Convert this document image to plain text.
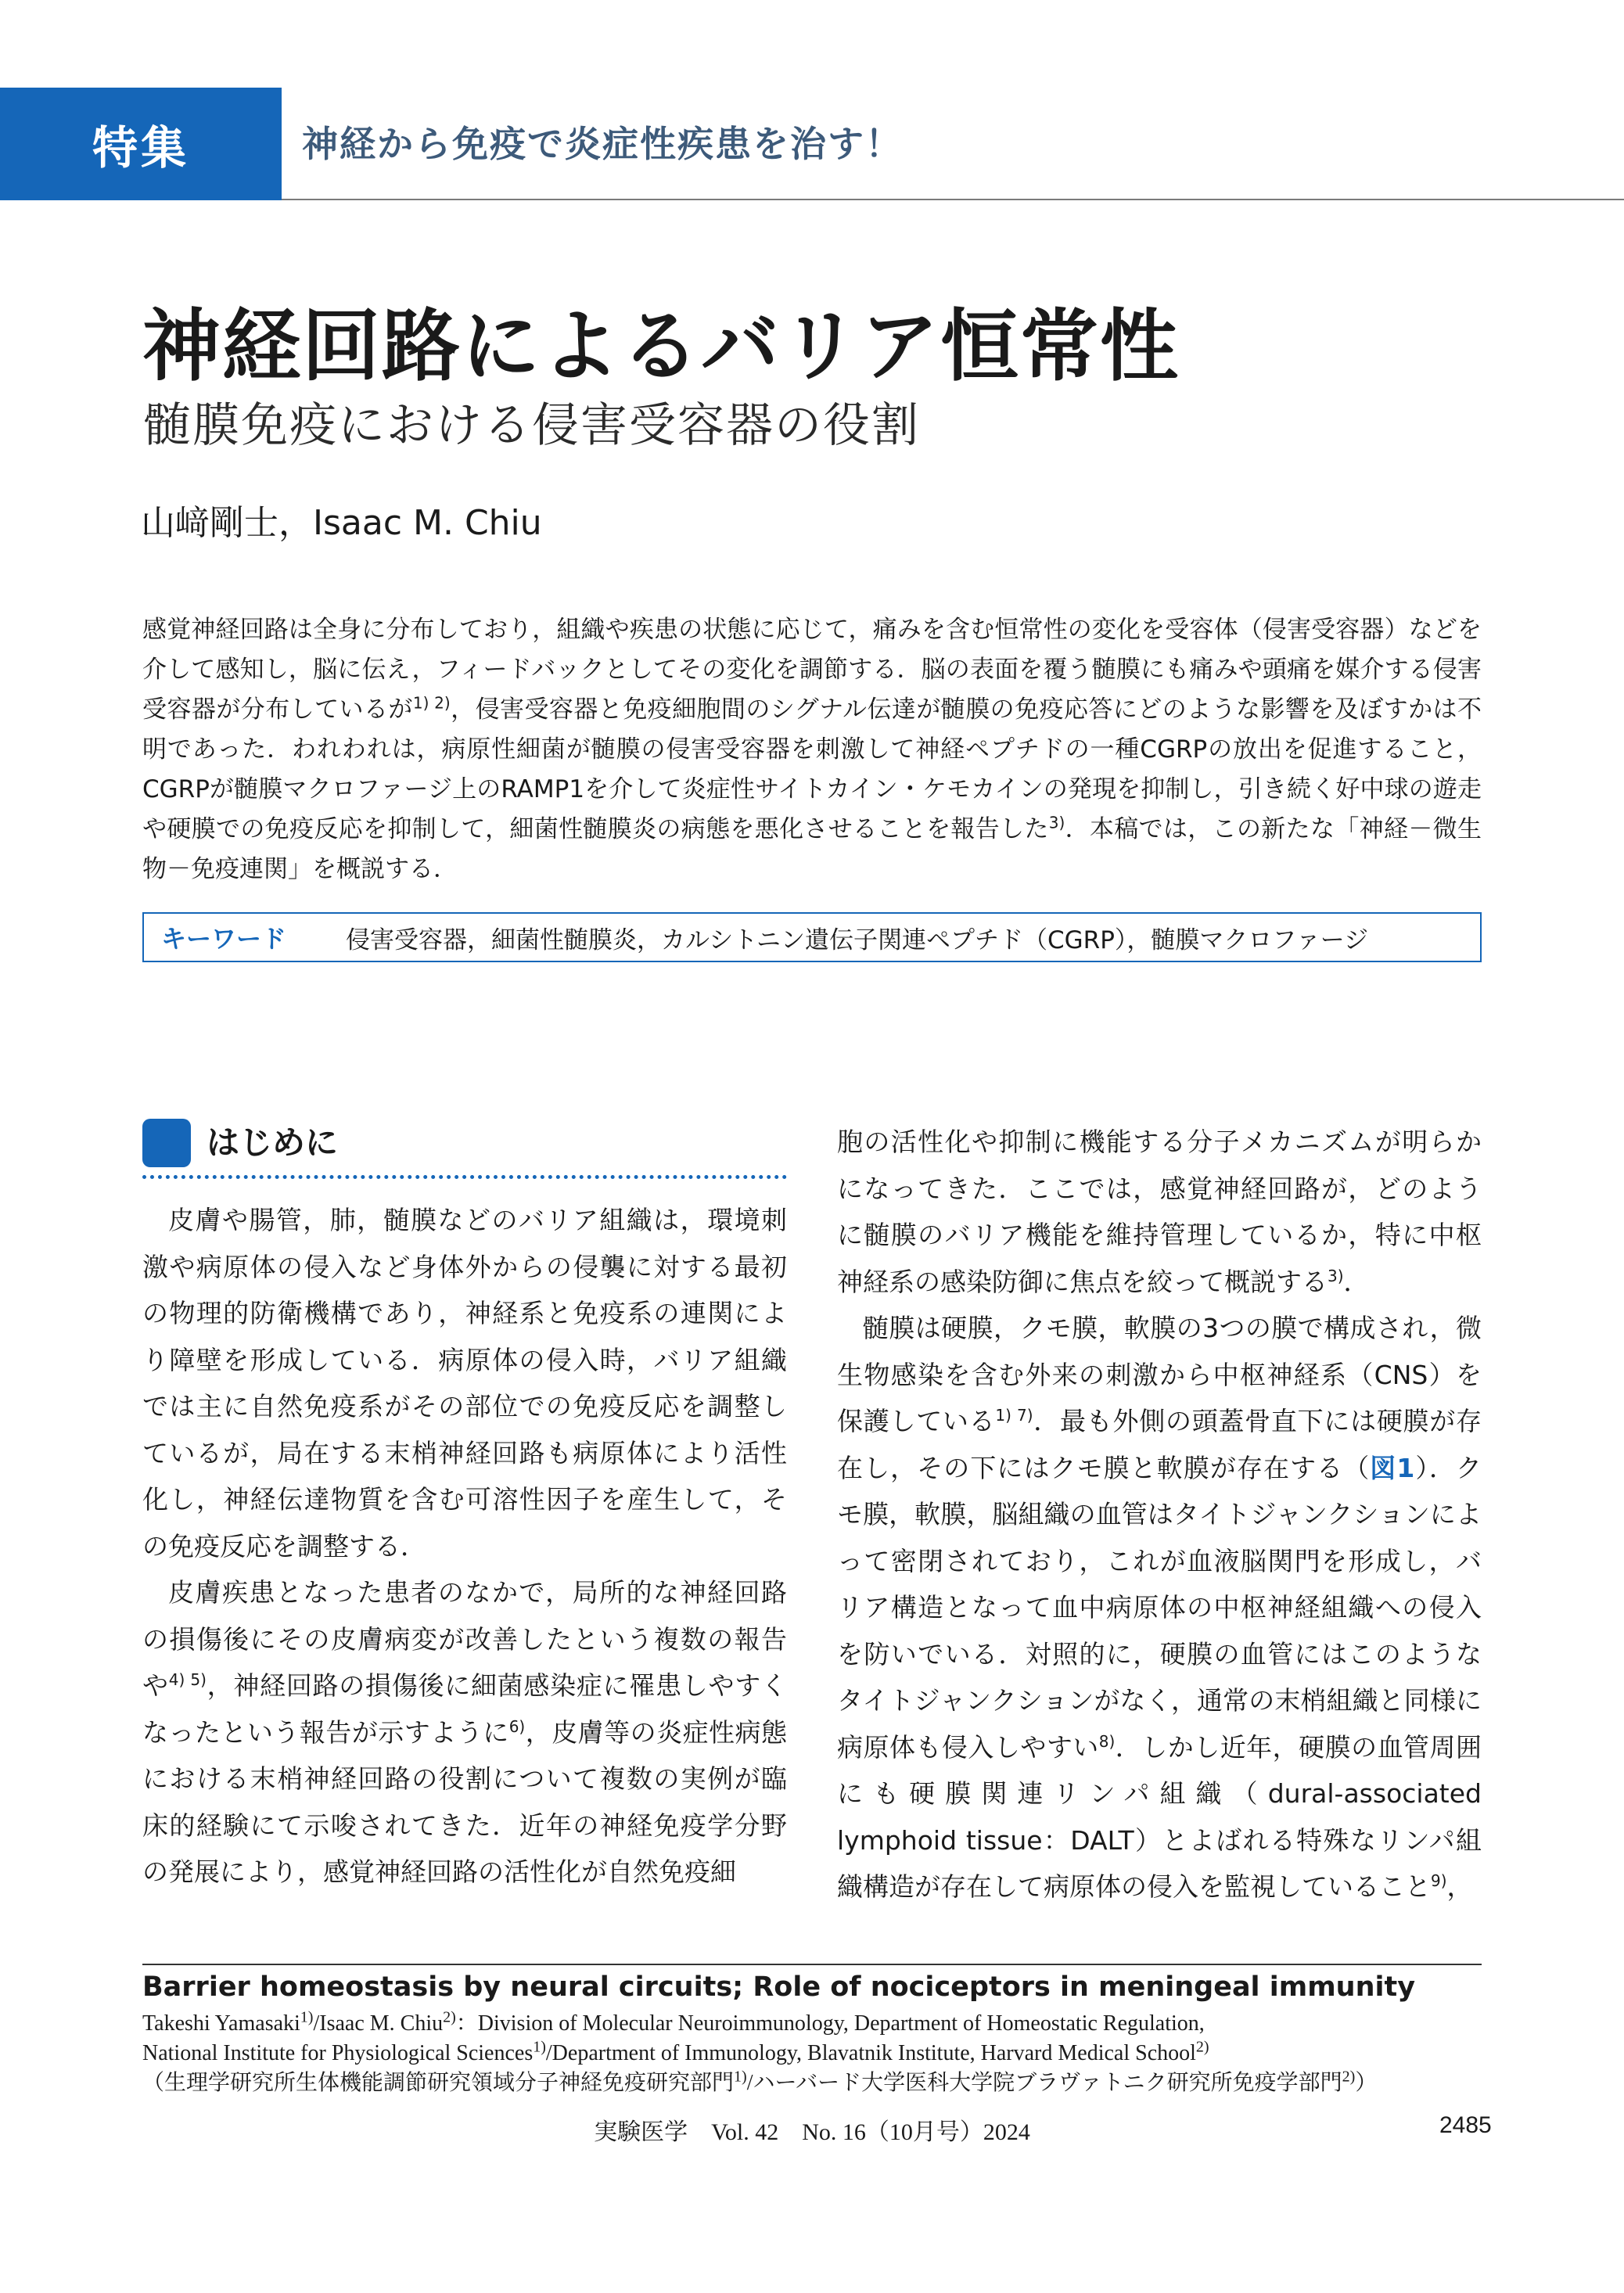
特集	神経から免疫で炎症性疾患を治す！
神経回路によるバリア恒常性
髄膜免疫における侵害受容器の役割
山﨑剛士，Isaac M. Chiu

感覚神経回路は全身に分布しており，組織や疾患の状態に応じて，痛みを含む恒常性の変化を受容体（侵害受容器）などを介して感知し，脳に伝え，フィードバックとしてその変化を調節する．脳の表面を覆う髄膜にも痛みや頭痛を媒介する侵害受容器が分布しているが$^{1) 2)}$，侵害受容器と免疫細胞間のシグナル伝達が髄膜の免疫応答にどのような影響を及ぼすかは不明であった．われわれは，病原性細菌が髄膜の侵害受容器を刺激して神経ペプチドの一種CGRPの放出を促進すること，CGRPが髄膜マクロファージ上のRAMP1を介して炎症性サイトカイン・ケモカインの発現を抑制し，引き続く好中球の遊走や硬膜での免疫反応を抑制して，細菌性髄膜炎の病態を悪化させることを報告した$^{3)}$．本稿では，この新たな「神経－微生物－免疫連関」を概説する．

キーワード	侵害受容器，細菌性髄膜炎，カルシトニン遺伝子関連ペプチド（CGRP），髄膜マクロファージ
はじめに

皮膚や腸管，肺，髄膜などのバリア組織は，環境刺激や病原体の侵入など身体外からの侵襲に対する最初の物理的防衛機構であり，神経系と免疫系の連関により障壁を形成している．病原体の侵入時，バリア組織では主に自然免疫系がその部位での免疫反応を調整しているが，局在する末梢神経回路も病原体により活性化し，神経伝達物質を含む可溶性因子を産生して，その免疫反応を調整する．

皮膚疾患となった患者のなかで，局所的な神経回路の損傷後にその皮膚病変が改善したという複数の報告や$^{4) 5)}$，神経回路の損傷後に細菌感染症に罹患しやすくなったという報告が示すように$^{6)}$，皮膚等の炎症性病態における末梢神経回路の役割について複数の実例が臨床的経験にて示唆されてきた．近年の神経免疫学分野の発展により，感覚神経回路の活性化が自然免疫細

胞の活性化や抑制に機能する分子メカニズムが明らかになってきた．ここでは，感覚神経回路が，どのように髄膜のバリア機能を維持管理しているか，特に中枢神経系の感染防御に焦点を絞って概説する$^{3)}$．

髄膜は硬膜，クモ膜，軟膜の3つの膜で構成され，微生物感染を含む外来の刺激から中枢神経系（CNS）を保護している$^{1) 7)}$．最も外側の頭蓋骨直下には硬膜が存在し，その下にはクモ膜と軟膜が存在する（図1）．クモ膜，軟膜，脳組織の血管はタイトジャンクションによって密閉されており，これが血液脳関門を形成し，バリア構造となって血中病原体の中枢神経組織への侵入を防いでいる．対照的に，硬膜の血管にはこのようなタイトジャンクションがなく，通常の末梢組織と同様に病原体も侵入しやすい$^{8)}$．しかし近年，硬膜の血管周囲にも硬膜関連リンパ組織（dural-associated lymphoid tissue：DALT）とよばれる特殊なリンパ組織構造が存在して病原体の侵入を監視していること$^{9)}$，

Barrier homeostasis by neural circuits; Role of nociceptors in meningeal immunity
Takeshi Yamasaki$^{1)}$/Isaac M. Chiu$^{2)}$：Division of Molecular Neuroimmunology, Department of Homeostatic Regulation,
National Institute for Physiological Sciences$^{1)}$/Department of Immunology, Blavatnik Institute, Harvard Medical School$^{2)}$
（生理学研究所生体機能調節研究領域分子神経免疫研究部門$^{1)}$/ハーバード大学医科大学院ブラヴァトニク研究所免疫学部門$^{2)}$）
実験医学　Vol. 42　No. 16（10月号）2024	2485
